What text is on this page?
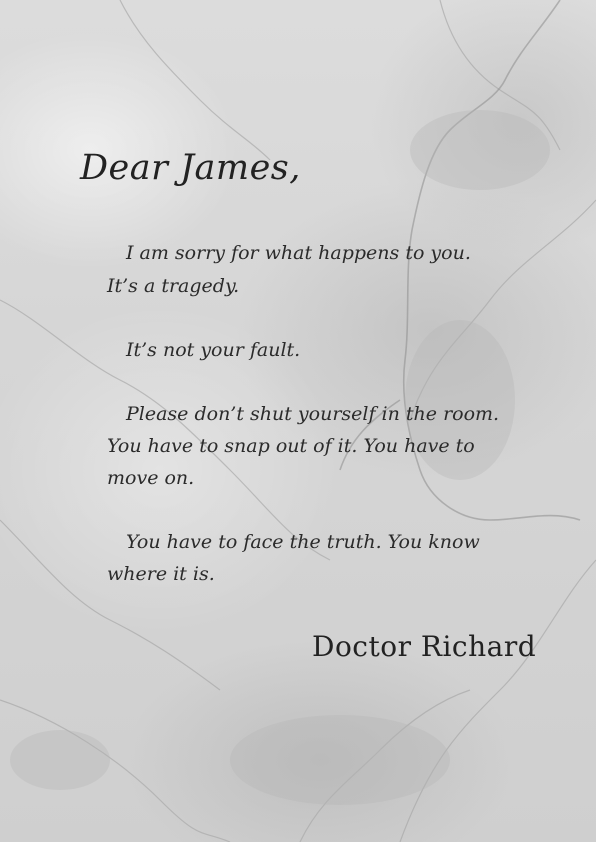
Dear James,
I am sorry for what happens to you.
It’s a tragedy.
It’s not your fault.
Please don’t shut yourself in the room.
You have to snap out of it. You have to
move on.
You have to face the truth. You know
where it is.
Doctor Richard
